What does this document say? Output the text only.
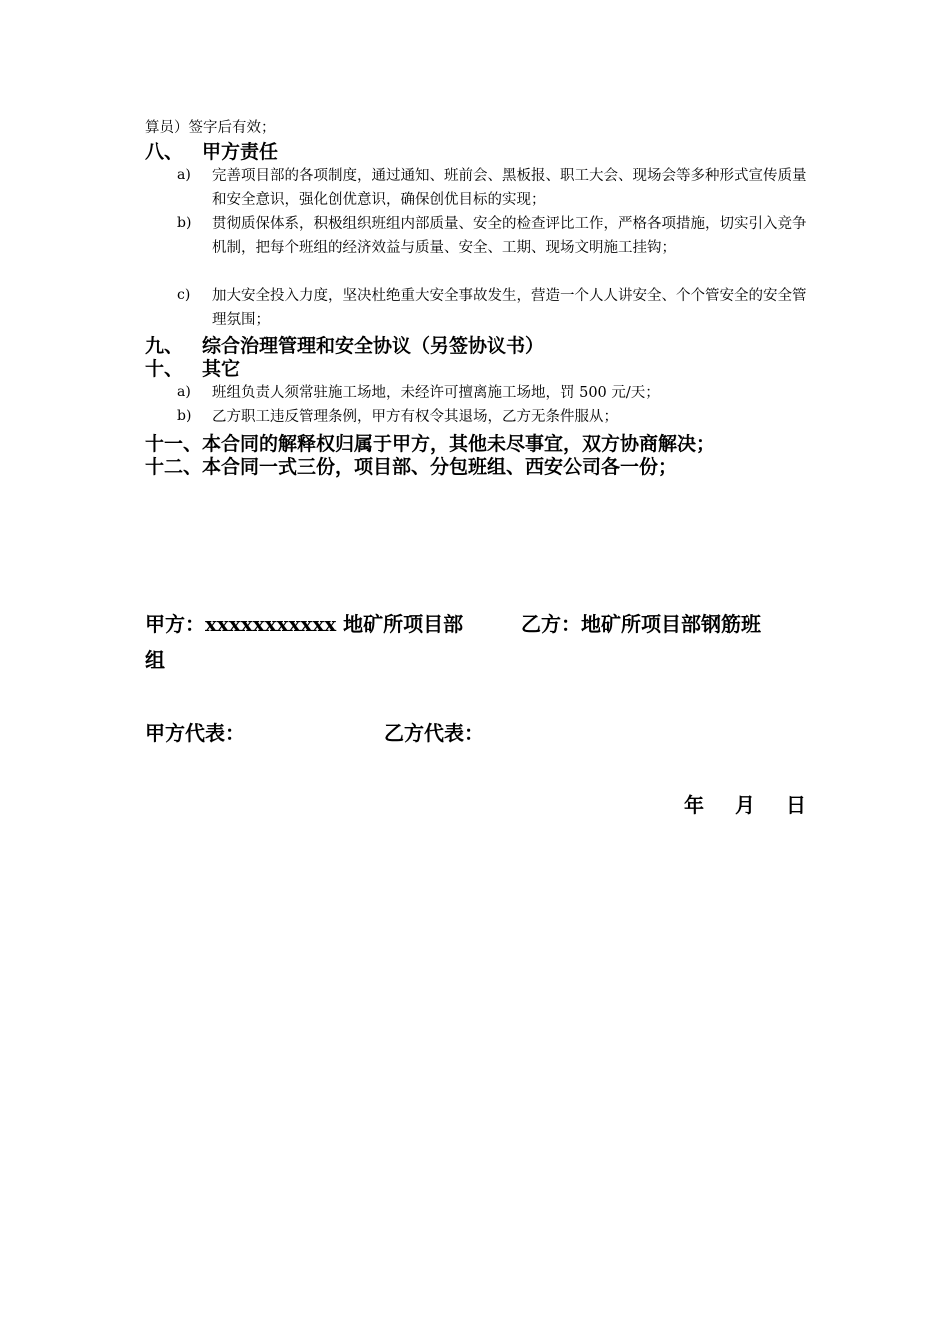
算员）签字后有效；
八、 甲方责任
a) 完善项目部的各项制度，通过通知、班前会、黑板报、职工大会、现场会等多种形式宣传质量和安全意识，强化创优意识，确保创优目标的实现；
b) 贯彻质保体系，积极组织班组内部质量、安全的检查评比工作，严格各项措施，切实引入竞争机制，把每个班组的经济效益与质量、安全、工期、现场文明施工挂钩；
c) 加大安全投入力度，坚决杜绝重大安全事故发生，营造一个人人讲安全、个个管安全的安全管理氛围；
九、 综合治理管理和安全协议（另签协议书）
十、 其它
a) 班组负责人须常驻施工场地，未经许可擅离施工场地，罚 500 元/天；
b) 乙方职工违反管理条例，甲方有权令其退场，乙方无条件服从；
十一、本合同的解释权归属于甲方，其他未尽事宜，双方协商解决；
十二、本合同一式三份，项目部、分包班组、西安公司各一份；
甲方：xxxxxxxxxxx 地矿所项目部	乙方：地矿所项目部钢筋班
组
甲方代表：	乙方代表：
年 月 日
